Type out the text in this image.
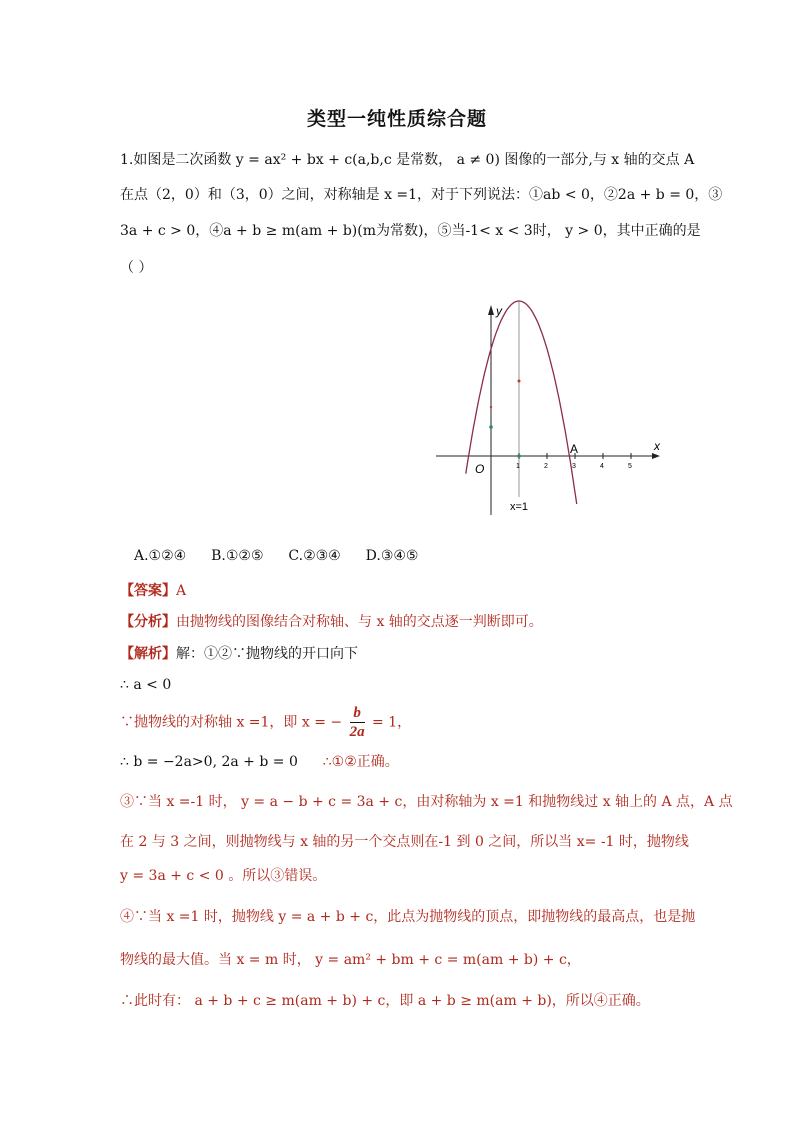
类型一纯性质综合题
1.如图是二次函数 y = ax² + bx + c(a,b,c 是常数， a ≠ 0) 图像的一部分,与 x 轴的交点 A
在点（2，0）和（3，0）之间，对称轴是 x =1，对于下列说法：①ab < 0，②2a + b = 0，③
3a + c > 0，④a + b ≥ m(am + b)(m为常数)，⑤当-1< x < 3时， y > 0，其中正确的是
（ ）
y
x
O
A
1	2	3	4	5
x=1
A.①②④ B.①②⑤ C.②③④ D.③④⑤
【答案】A
【分析】由抛物线的图像结合对称轴、与 x 轴的交点逐一判断即可。
【解析】解：①②∵抛物线的开口向下
∴ a < 0
∵抛物线的对称轴 x =1，即 x = − $\frac{b}{2a} = 1$，
∴ b = −2a>0, 2a + b = 0 ∴①②正确。
③∵当 x =-1 时， y = a − b + c = 3a + c，由对称轴为 x =1 和抛物线过 x 轴上的 A 点，A 点
在 2 与 3 之间，则抛物线与 x 轴的另一个交点则在-1 到 0 之间，所以当 x= -1 时，抛物线
y = 3a + c < 0 。所以③错误。
④∵当 x =1 时，抛物线 y = a + b + c，此点为抛物线的顶点，即抛物线的最高点，也是抛
物线的最大值。当 x = m 时， y = am² + bm + c = m(am + b) + c，
∴此时有： a + b + c ≥ m(am + b) + c，即 a + b ≥ m(am + b)，所以④正确。
